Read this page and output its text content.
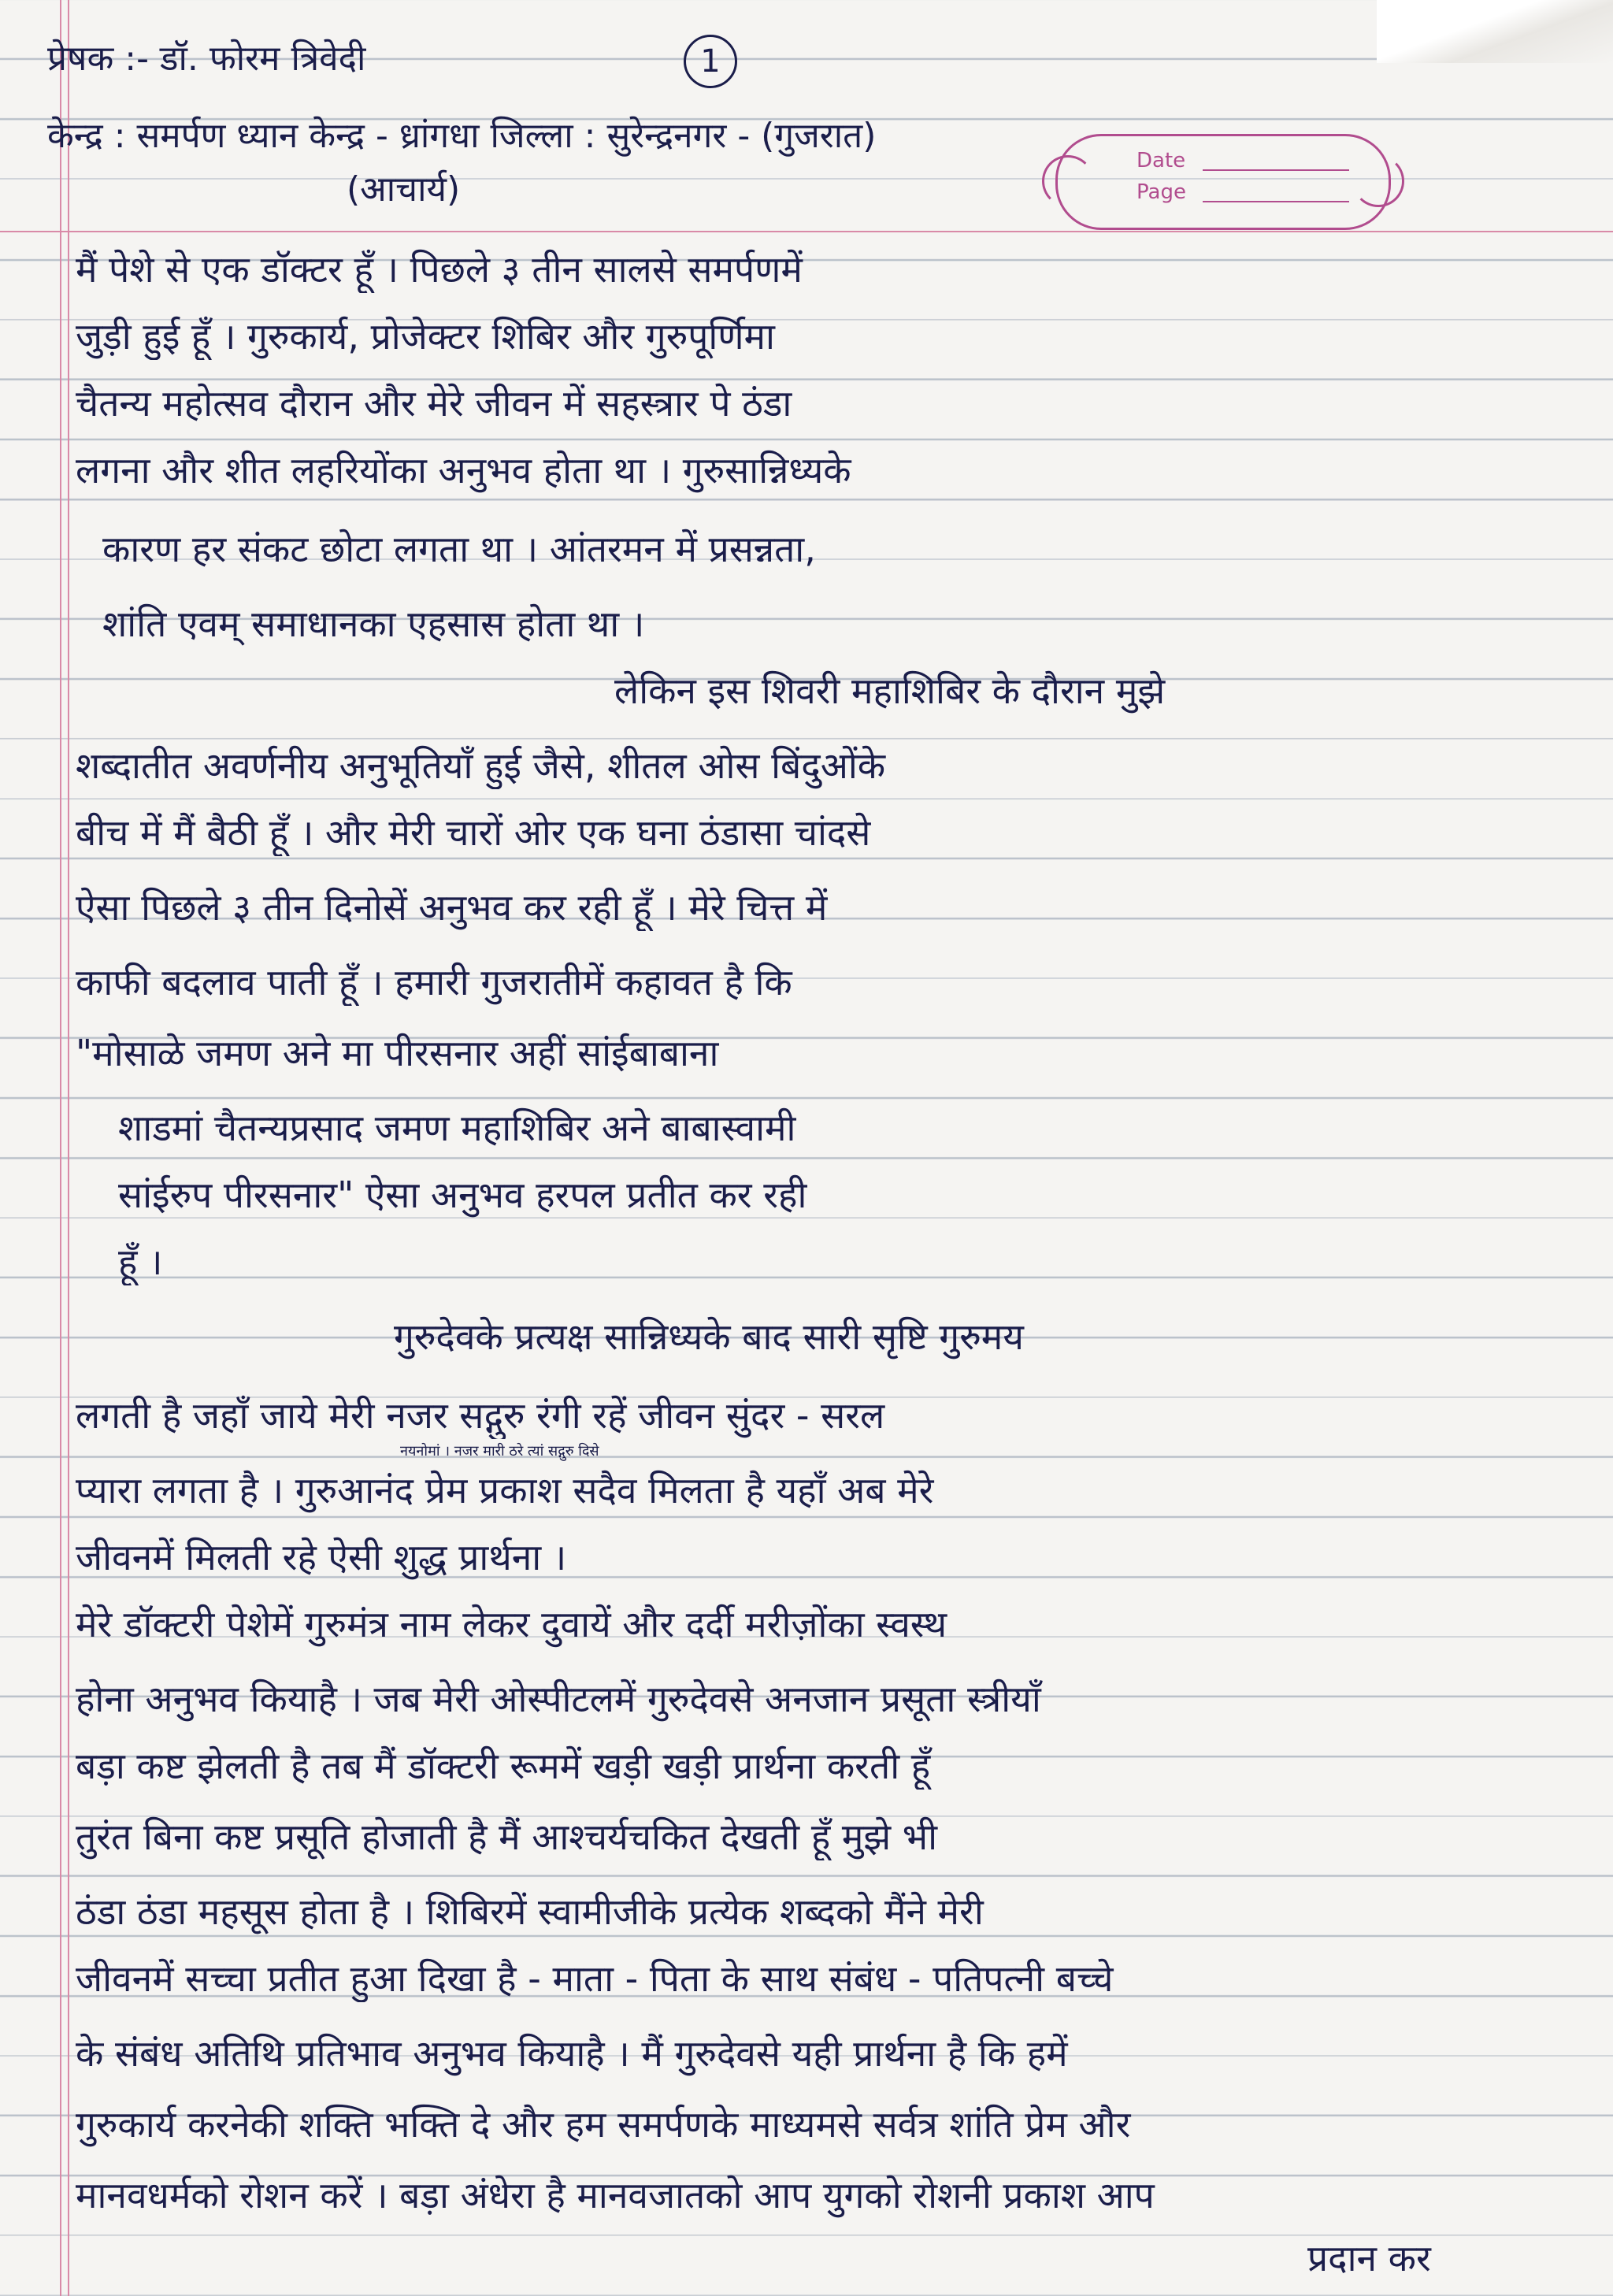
प्रेषक :- डॉ. फोरम त्रिवेदी	1
केन्द्र : समर्पण ध्यान केन्द्र - ध्रांगधा जिल्ला : सुरेन्द्रनगर - (गुजरात)
(आचार्य)
Date
Page
मैं पेशे से एक डॉक्टर हूँ । पिछले ३ तीन सालसे समर्पणमें
जुड़ी हुई हूँ । गुरुकार्य, प्रोजेक्टर शिबिर और गुरुपूर्णिमा
चैतन्य महोत्सव दौरान और मेरे जीवन में सहस्त्रार पे ठंडा
लगना और शीत लहरियोंका अनुभव होता था । गुरुसान्निध्यके
कारण हर संकट छोटा लगता था । आंतरमन में प्रसन्नता,
शांति एवम् समाधानका एहसास होता था ।
लेकिन इस शिवरी महाशिबिर के दौरान मुझे
शब्दातीत अवर्णनीय अनुभूतियाँ हुई जैसे, शीतल ओस बिंदुओंके
बीच में मैं बैठी हूँ । और मेरी चारों ओर एक घना ठंडासा चांदसे
ऐसा पिछले ३ तीन दिनोसें अनुभव कर रही हूँ । मेरे चित्त में
काफी बदलाव पाती हूँ । हमारी गुजरातीमें कहावत है कि
"मोसाळे जमण अने मा पीरसनार अहीं सांईबाबाना
शाडमां चैतन्यप्रसाद जमण महाशिबिर अने बाबास्वामी
सांईरुप पीरसनार" ऐसा अनुभव हरपल प्रतीत कर रही
हूँ ।
गुरुदेवके प्रत्यक्ष सान्निध्यके बाद सारी सृष्टि गुरुमय
लगती है जहाँ जाये मेरी नजर सद्गुरु रंगी रहें जीवन सुंदर - सरल
नयनोमां । नजर मारी ठरे त्यां सद्गुरु दिसे
प्यारा लगता है । गुरुआनंद प्रेम प्रकाश सदैव मिलता है यहाँ अब मेरे
जीवनमें मिलती रहे ऐसी शुद्ध प्रार्थना ।
मेरे डॉक्टरी पेशेमें गुरुमंत्र नाम लेकर दुवायें और दर्दी मरीज़ोंका स्वस्थ
होना अनुभव कियाहै । जब मेरी ओस्पीटलमें गुरुदेवसे अनजान प्रसूता स्त्रीयाँ
बड़ा कष्ट झेलती है तब मैं डॉक्टरी रूममें खड़ी खड़ी प्रार्थना करती हूँ
तुरंत बिना कष्ट प्रसूति होजाती है मैं आश्चर्यचकित देखती हूँ मुझे भी
ठंडा ठंडा महसूस होता है । शिबिरमें स्वामीजीके प्रत्येक शब्दको मैंने मेरी
जीवनमें सच्चा प्रतीत हुआ दिखा है - माता - पिता के साथ संबंध - पतिपत्नी बच्चे
के संबंध अतिथि प्रतिभाव अनुभव कियाहै । मैं गुरुदेवसे यही प्रार्थना है कि हमें
गुरुकार्य करनेकी शक्ति भक्ति दे और हम समर्पणके माध्यमसे सर्वत्र शांति प्रेम और
मानवधर्मको रोशन करें । बड़ा अंधेरा है मानवजातको आप युगको रोशनी प्रकाश आप
प्रदान कर
